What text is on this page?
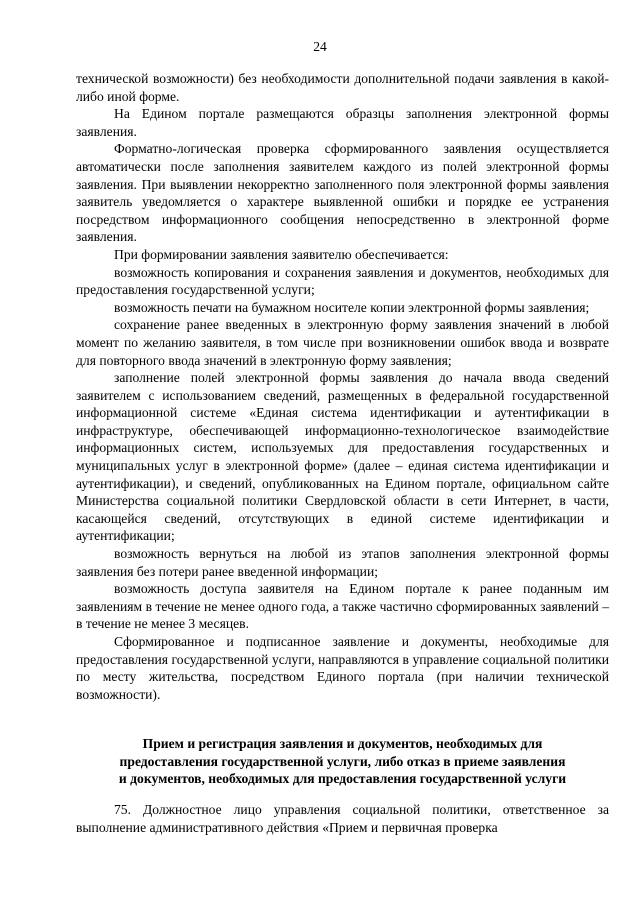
24

технической возможности) без необходимости дополнительной подачи заявления в какой-либо иной форме.

На Едином портале размещаются образцы заполнения электронной формы заявления.

Форматно-логическая проверка сформированного заявления осуществляется автоматически после заполнения заявителем каждого из полей электронной формы заявления. При выявлении некорректно заполненного поля электронной формы заявления заявитель уведомляется о характере выявленной ошибки и порядке ее устранения посредством информационного сообщения непосредственно в электронной форме заявления.

При формировании заявления заявителю обеспечивается:

возможность копирования и сохранения заявления и документов, необходимых для предоставления государственной услуги;

возможность печати на бумажном носителе копии электронной формы заявления;

сохранение ранее введенных в электронную форму заявления значений в любой момент по желанию заявителя, в том числе при возникновении ошибок ввода и возврате для повторного ввода значений в электронную форму заявления;

заполнение полей электронной формы заявления до начала ввода сведений заявителем с использованием сведений, размещенных в федеральной государственной информационной системе «Единая система идентификации и аутентификации в инфраструктуре, обеспечивающей информационно-технологическое взаимодействие информационных систем, используемых для предоставления государственных и муниципальных услуг в электронной форме» (далее – единая система идентификации и аутентификации), и сведений, опубликованных на Едином портале, официальном сайте Министерства социальной политики Свердловской области в сети Интернет, в части, касающейся сведений, отсутствующих в единой системе идентификации и аутентификации;

возможность вернуться на любой из этапов заполнения электронной формы заявления без потери ранее введенной информации;

возможность доступа заявителя на Едином портале к ранее поданным им заявлениям в течение не менее одного года, а также частично сформированных заявлений – в течение не менее 3 месяцев.

Сформированное и подписанное заявление и документы, необходимые для предоставления государственной услуги, направляются в управление социальной политики по месту жительства, посредством Единого портала (при наличии технической возможности).

Прием и регистрация заявления и документов, необходимых для
предоставления государственной услуги, либо отказ в приеме заявления
и документов, необходимых для предоставления государственной услуги

75. Должностное лицо управления социальной политики, ответственное за выполнение административного действия «Прием и первичная проверка
